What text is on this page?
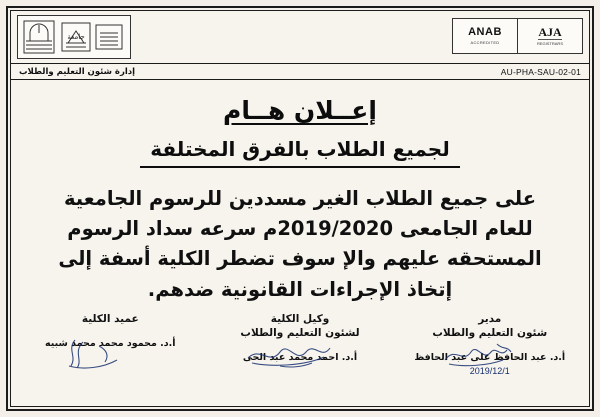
ANAB
ACCREDITED
AJA
REGISTRARS
جامعة
AU-PHA-SAU-02-01
إدارة شئون التعليم والطلاب
إعــلان هــام
لجميع الطلاب بالفرق المختلفة

على جميع الطلاب الغير مسددين للرسوم الجامعية للعام الجامعى 2019/2020م سرعه سداد الرسوم المستحقه عليهم والإ سوف تضطر الكلية أسفة إلى إتخاذ الإجراءات القانونية ضدهم.

مدير
شئون التعليم والطلاب
أ.د. عبد الحافظ على عبد الحافظ
2019/12/1
وكيل الكلية
لشئون التعليم والطلاب
أ.د. احمد محمد عبد الحى
عميد الكلية
أ.د. محمود محمد محمد شبيه
